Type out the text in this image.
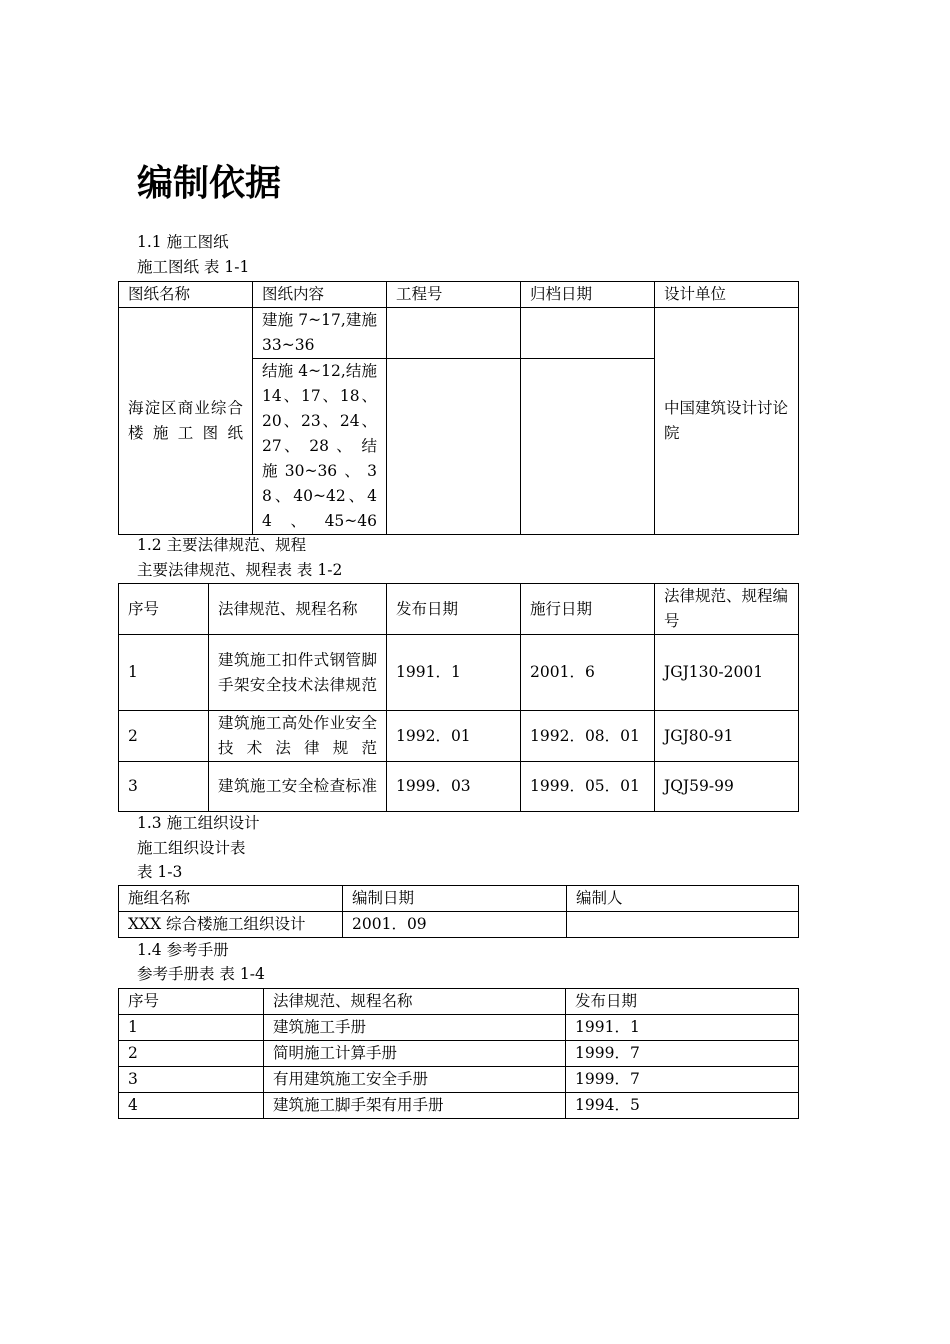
编制依据
1.1 施工图纸
施工图纸 表 1-1
图纸名称	图纸内容	工程号	归档日期	设计单位
海淀区商业综合楼施工图纸	建施 7~17,建施33~36			中国建筑设计讨论院
	结施 4~12,结施14、17、18、20、23、24、27、 28 、 结 施30~36、38、40~42、44、45~46			
1.2 主要法律规范、规程
主要法律规范、规程表 表 1-2
序号	法律规范、规程名称	发布日期	施行日期	法律规范、规程编号
1	建筑施工扣件式钢管脚手架安全技术法律规范	1991．1	2001．6	JGJ130-2001
2	建筑施工高处作业安全技术法律规范	1992．01	1992．08．01	JGJ80-91
3	建筑施工安全检查标准	1999．03	1999．05．01	JQJ59-99
1.3 施工组织设计
施工组织设计表
表 1-3
施组名称	编制日期	编制人
XXX 综合楼施工组织设计	2001．09	
1.4 参考手册
参考手册表 表 1-4
序号	法律规范、规程名称	发布日期
1	建筑施工手册	1991．1
2	简明施工计算手册	1999．7
3	有用建筑施工安全手册	1999．7
4	建筑施工脚手架有用手册	1994．5
